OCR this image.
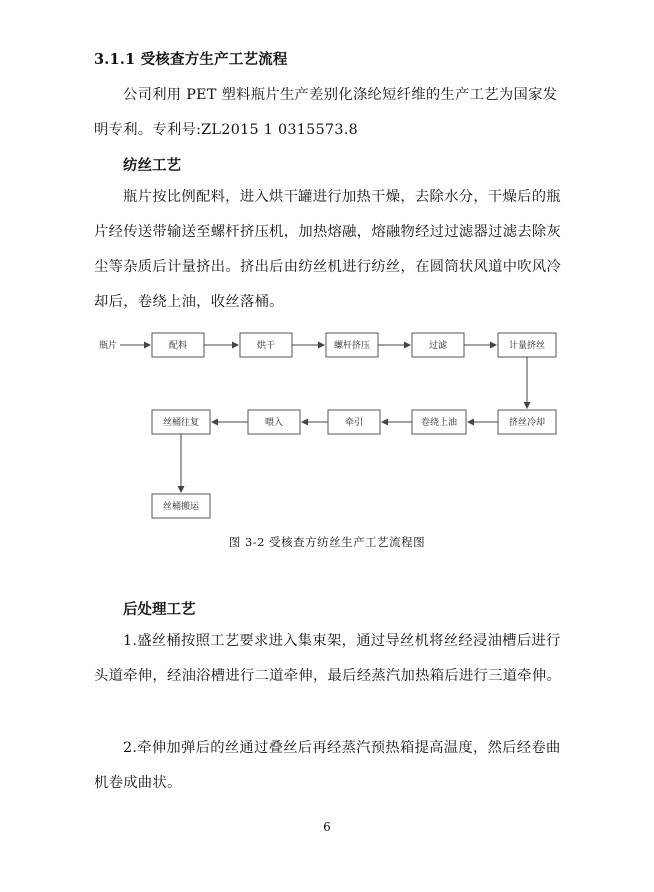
3.1.1 受核查方生产工艺流程

公司利用 PET 塑料瓶片生产差别化涤纶短纤维的生产工艺为国家发明专利。专利号:ZL2015 1 0315573.8

纺丝工艺

瓶片按比例配料，进入烘干罐进行加热干燥，去除水分，干燥后的瓶片经传送带输送至螺杆挤压机，加热熔融，熔融物经过过滤器过滤去除灰尘等杂质后计量挤出。挤出后由纺丝机进行纺丝，在圆筒状风道中吹风冷却后，卷绕上油，收丝落桶。

瓶片	配料	烘干	螺杆挤压	过滤	计量挤丝
挤丝冷却
卷绕上油
牵引
喂入
丝桶往复
丝桶搬运
图 3-2 受核查方纺丝生产工艺流程图
后处理工艺

1.盛丝桶按照工艺要求进入集束架，通过导丝机将丝经浸油槽后进行头道牵伸，经油浴槽进行二道牵伸，最后经蒸汽加热箱后进行三道牵伸。

2.牵伸加弹后的丝通过叠丝后再经蒸汽预热箱提高温度，然后经卷曲机卷成曲状。

6
